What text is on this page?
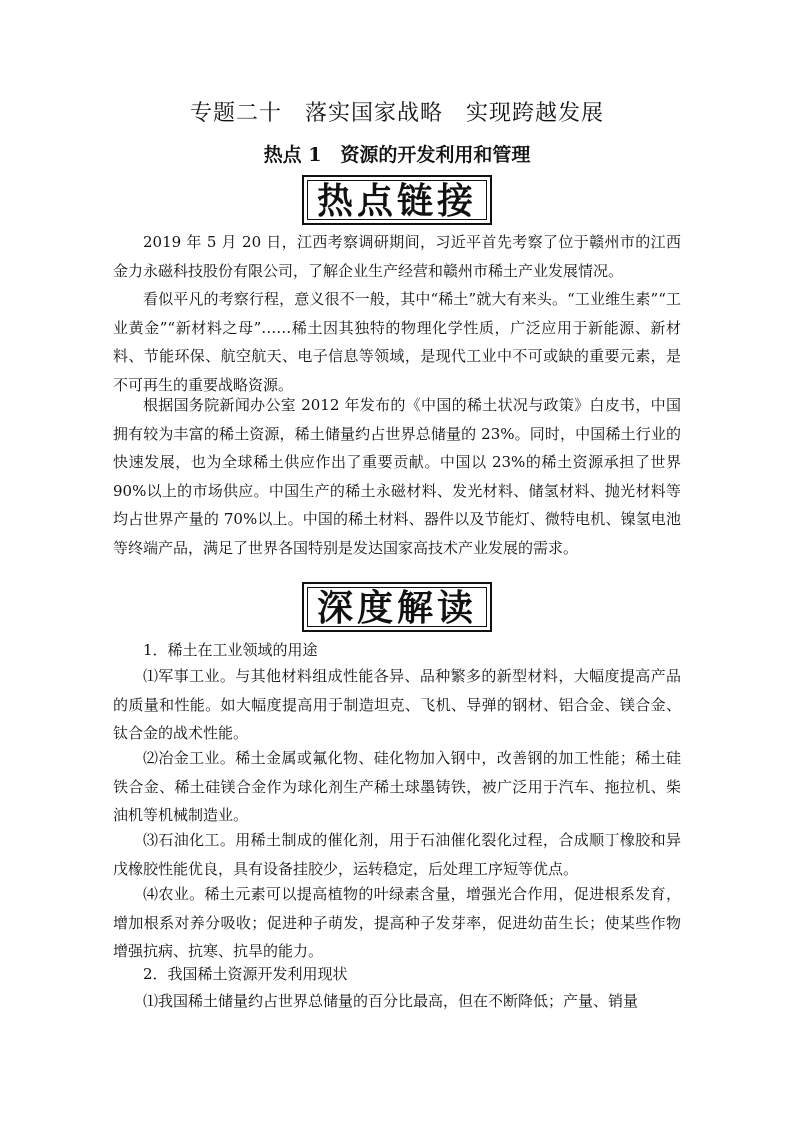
专题二十　落实国家战略　实现跨越发展
热点 1　资源的开发利用和管理
热点链接

2019 年 5 月 20 日，江西考察调研期间，习近平首先考察了位于赣州市的江西金力永磁科技股份有限公司，了解企业生产经营和赣州市稀土产业发展情况。

看似平凡的考察行程，意义很不一般，其中“稀土”就大有来头。“工业维生素”“工业黄金”“新材料之母”……稀土因其独特的物理化学性质，广泛应用于新能源、新材料、节能环保、航空航天、电子信息等领域，是现代工业中不可或缺的重要元素，是不可再生的重要战略资源。

根据国务院新闻办公室 2012 年发布的《中国的稀土状况与政策》白皮书，中国拥有较为丰富的稀土资源，稀土储量约占世界总储量的 23%。同时，中国稀土行业的快速发展，也为全球稀土供应作出了重要贡献。中国以 23%的稀土资源承担了世界 90%以上的市场供应。中国生产的稀土永磁材料、发光材料、储氢材料、抛光材料等均占世界产量的 70%以上。中国的稀土材料、器件以及节能灯、微特电机、镍氢电池等终端产品，满足了世界各国特别是发达国家高技术产业发展的需求。

深度解读

1．稀土在工业领域的用途

⑴军事工业。与其他材料组成性能各异、品种繁多的新型材料，大幅度提高产品的质量和性能。如大幅度提高用于制造坦克、飞机、导弹的钢材、铝合金、镁合金、钛合金的战术性能。

⑵冶金工业。稀土金属或氟化物、硅化物加入钢中，改善钢的加工性能；稀土硅铁合金、稀土硅镁合金作为球化剂生产稀土球墨铸铁，被广泛用于汽车、拖拉机、柴油机等机械制造业。

⑶石油化工。用稀土制成的催化剂，用于石油催化裂化过程，合成顺丁橡胶和异戊橡胶性能优良，具有设备挂胶少，运转稳定，后处理工序短等优点。

⑷农业。稀土元素可以提高植物的叶绿素含量，增强光合作用，促进根系发育，增加根系对养分吸收；促进种子萌发，提高种子发芽率，促进幼苗生长；使某些作物增强抗病、抗寒、抗旱的能力。

2．我国稀土资源开发利用现状

⑴我国稀土储量约占世界总储量的百分比最高，但在不断降低；产量、销量
